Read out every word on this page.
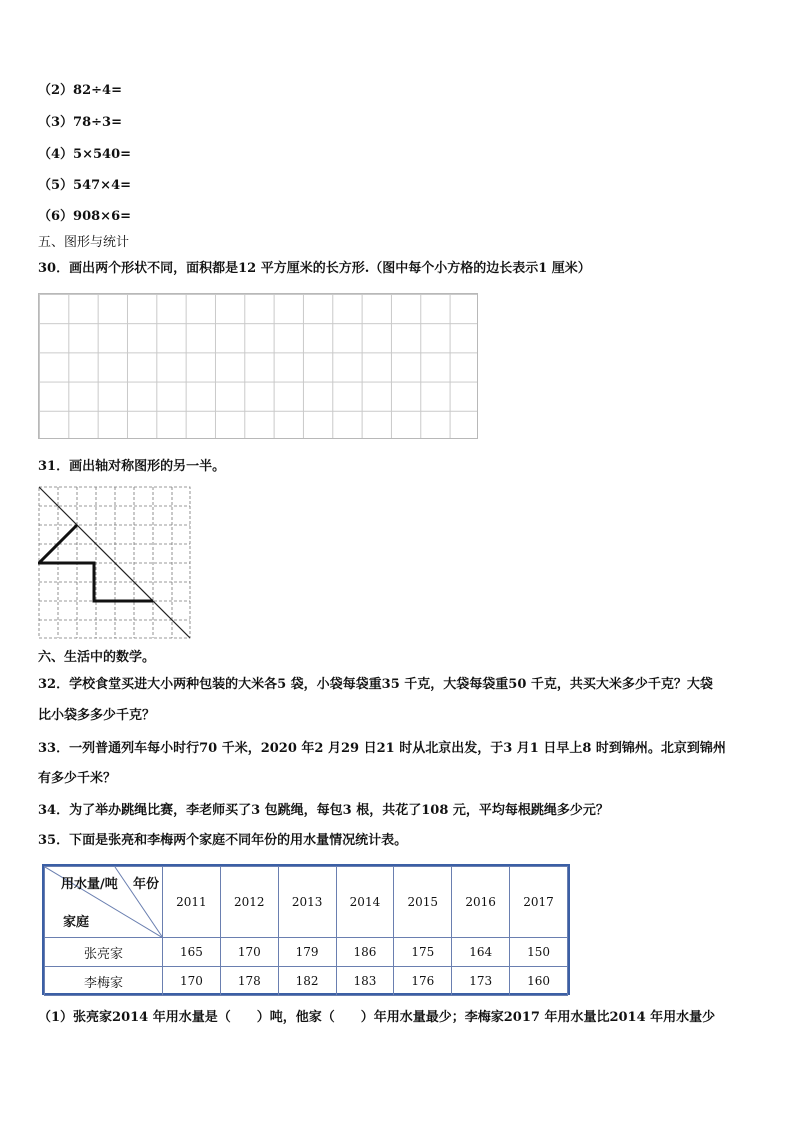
（2）82÷4=
（3）78÷3=
（4）5×540=
（5）547×4=
（6）908×6=
五、图形与统计
30．画出两个形状不同，面积都是12 平方厘米的长方形.（图中每个小方格的边长表示1 厘米）
31．画出轴对称图形的另一半。
六、生活中的数学。
32．学校食堂买进大小两种包装的大米各5 袋，小袋每袋重35 千克，大袋每袋重50 千克，共买大米多少千克？大袋
比小袋多多少千克？
33．一列普通列车每小时行70 千米，2020 年2 月29 日21 时从北京出发，于3 月1 日早上8 时到锦州。北京到锦州
有多少千米？
34．为了举办跳绳比赛，李老师买了3 包跳绳，每包3 根，共花了108 元，平均每根跳绳多少元？
35．下面是张亮和李梅两个家庭不同年份的用水量情况统计表。
用水量/吨 年份
家庭	2011	2012	2013	2014	2015	2016	2017
张亮家	165	170	179	186	175	164	150
李梅家	170	178	182	183	176	173	160
（1）张亮家2014 年用水量是（　　）吨，他家（　　）年用水量最少；李梅家2017 年用水量比2014 年用水量少
